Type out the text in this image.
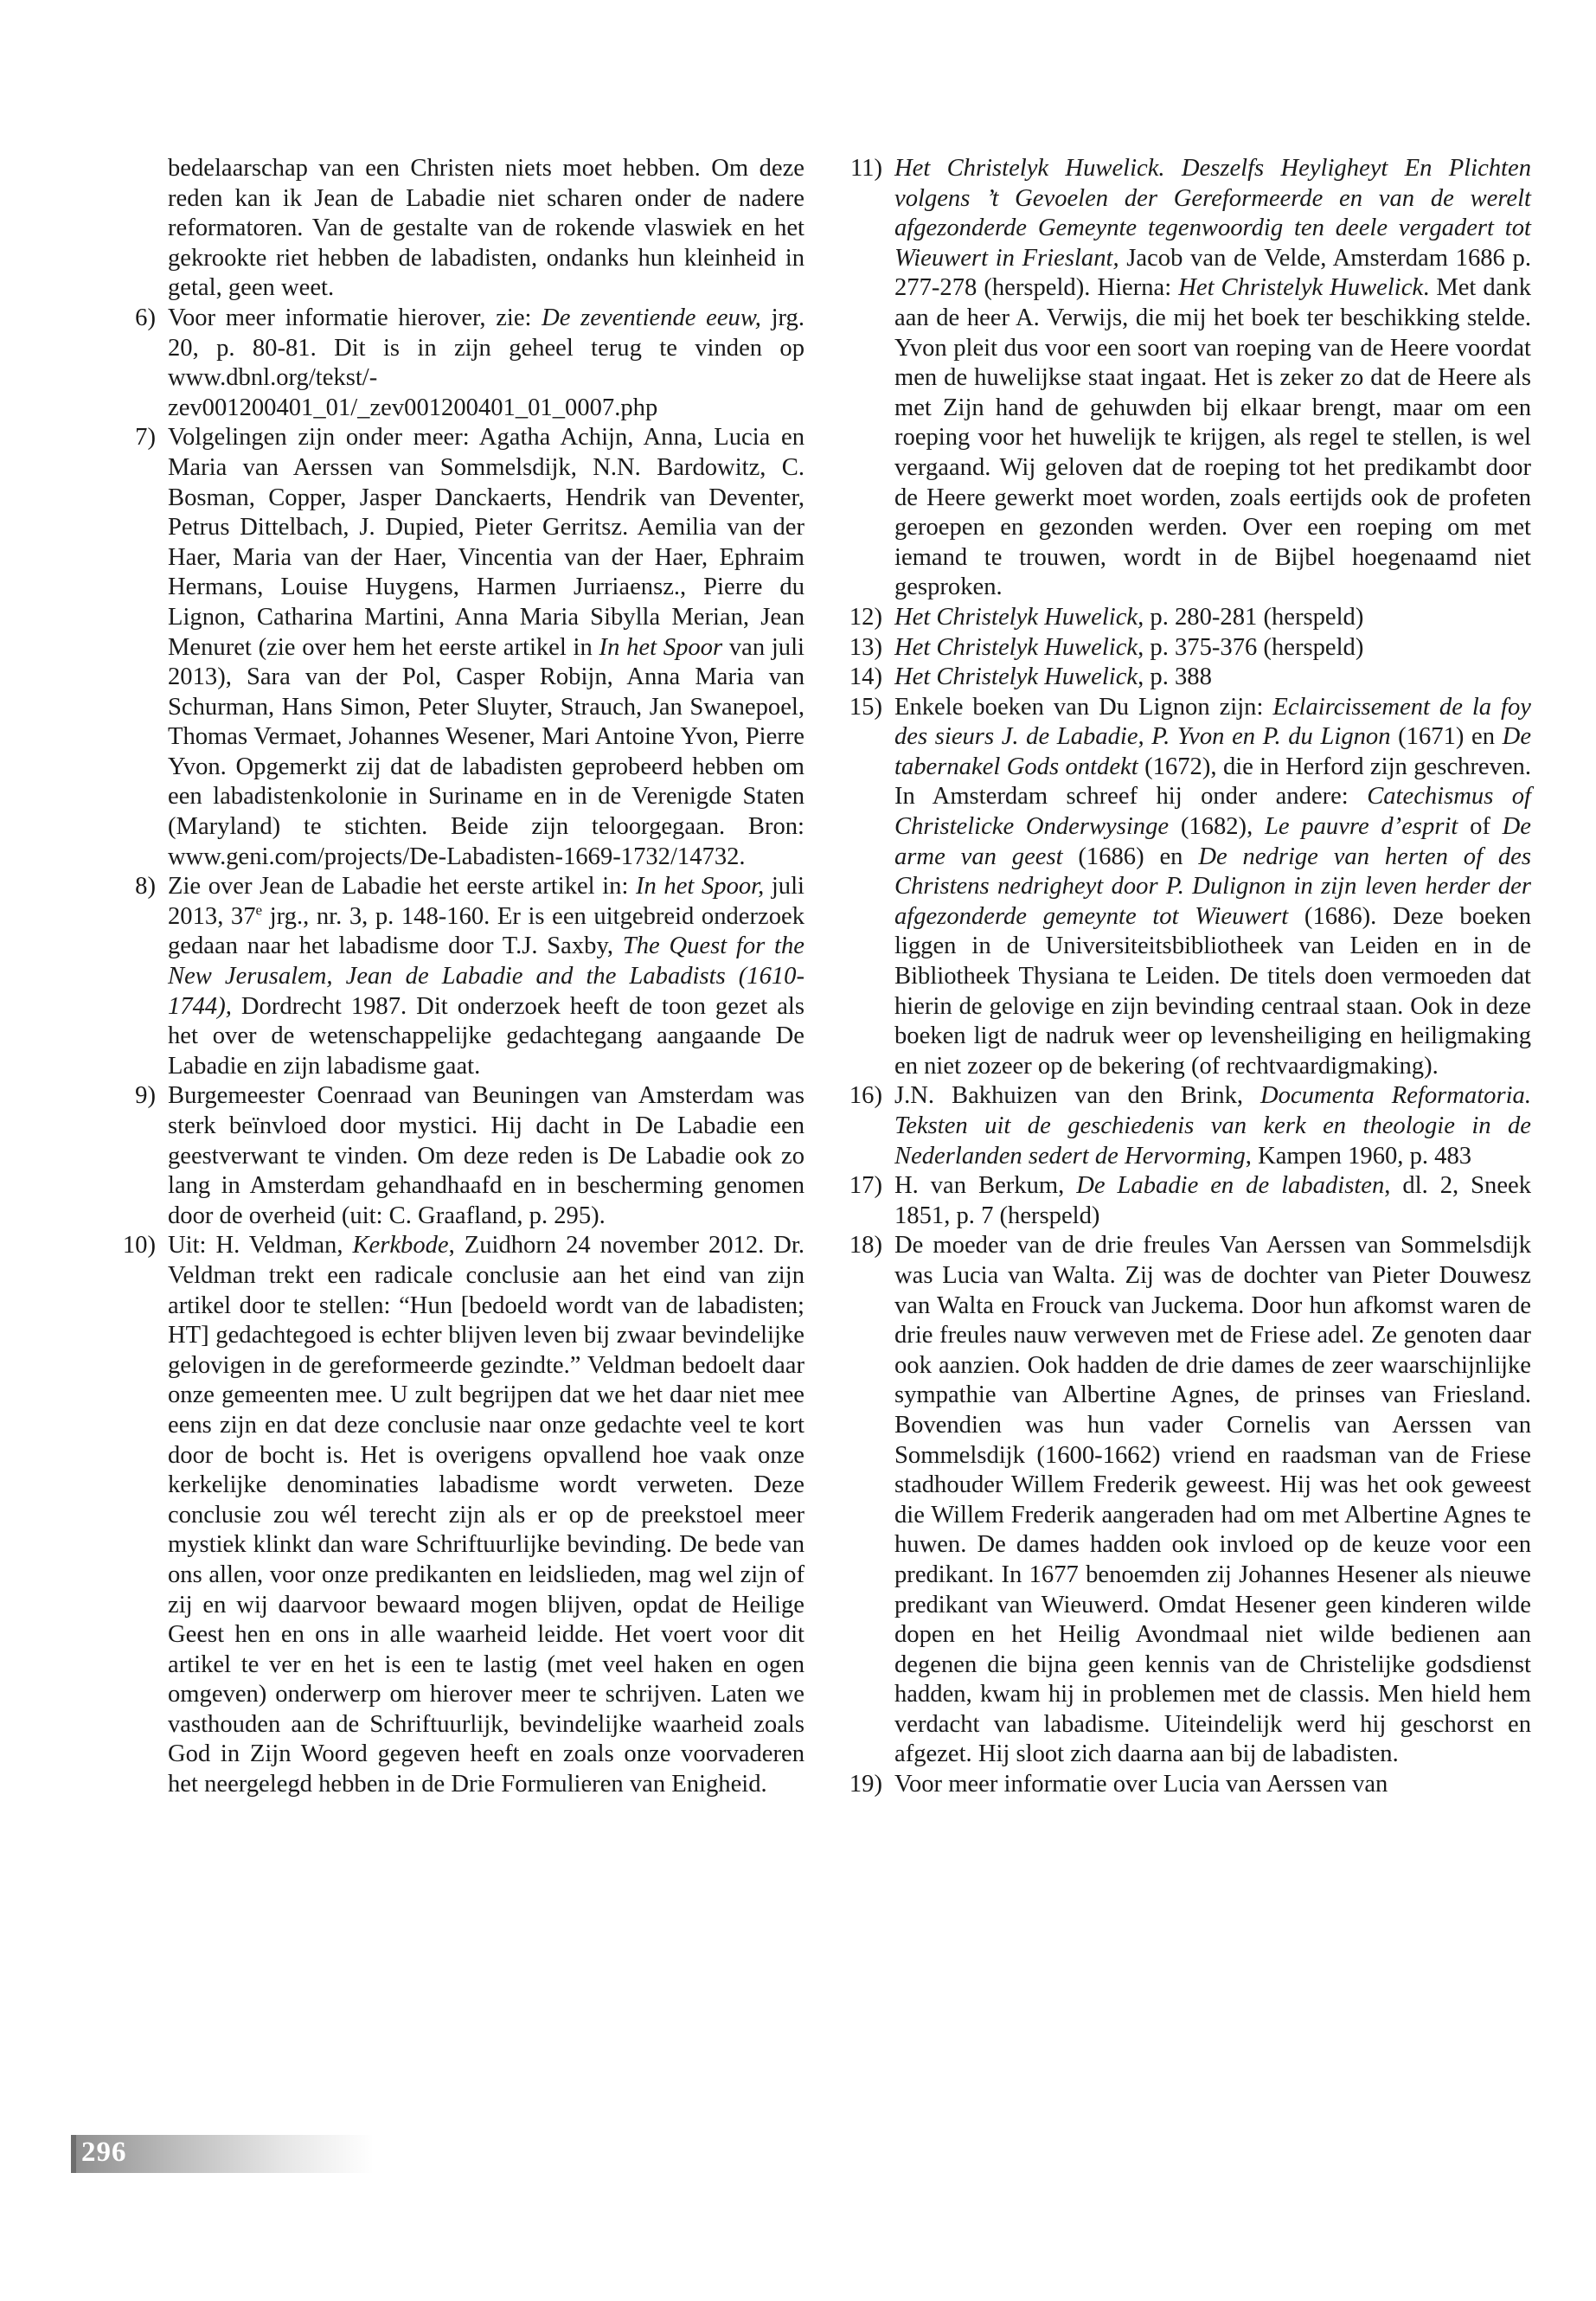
bedelaarschap van een Christen niets moet hebben. Om deze reden kan ik Jean de Labadie niet scharen onder de nadere reformatoren. Van de gestalte van de rokende vlaswiek en het gekrookte riet hebben de labadisten, ondanks hun kleinheid in getal, geen weet.

6) Voor meer informatie hierover, zie: De zeventiende eeuw, jrg. 20, p. 80-81. Dit is in zijn geheel terug te vinden op www.dbnl.org/tekst/-zev001200401_01/_zev001200401_01_0007.php

7) Volgelingen zijn onder meer: Agatha Achijn, Anna, Lucia en Maria van Aerssen van Sommelsdijk, N.N. Bardowitz, C. Bosman, Copper, Jasper Danckaerts, Hendrik van Deventer, Petrus Dittelbach, J. Dupied, Pieter Gerritsz. Aemilia van der Haer, Maria van der Haer, Vincentia van der Haer, Ephraim Hermans, Louise Huygens, Harmen Jurriaensz., Pierre du Lignon, Catharina Martini, Anna Maria Sibylla Merian, Jean Menuret (zie over hem het eerste artikel in In het Spoor van juli 2013), Sara van der Pol, Casper Robijn, Anna Maria van Schurman, Hans Simon, Peter Sluyter, Strauch, Jan Swanepoel, Thomas Vermaet, Johannes Wesener, Mari Antoine Yvon, Pierre Yvon. Opgemerkt zij dat de labadisten geprobeerd hebben om een labadistenkolonie in Suriname en in de Verenigde Staten (Maryland) te stichten. Beide zijn teloorgegaan. Bron: www.geni.com/projects/De-Labadisten-1669-1732/14732.

8) Zie over Jean de Labadie het eerste artikel in: In het Spoor, juli 2013, 37e jrg., nr. 3, p. 148-160. Er is een uitgebreid onderzoek gedaan naar het labadisme door T.J. Saxby, The Quest for the New Jerusalem, Jean de Labadie and the Labadists (1610-1744), Dordrecht 1987. Dit onderzoek heeft de toon gezet als het over de wetenschappelijke gedachtegang aangaande De Labadie en zijn labadisme gaat.

9) Burgemeester Coenraad van Beuningen van Amsterdam was sterk beïnvloed door mystici. Hij dacht in De Labadie een geestverwant te vinden. Om deze reden is De Labadie ook zo lang in Amsterdam gehandhaafd en in bescherming genomen door de overheid (uit: C. Graafland, p. 295).

10) Uit: H. Veldman, Kerkbode, Zuidhorn 24 november 2012. Dr. Veldman trekt een radicale conclusie aan het eind van zijn artikel door te stellen: “Hun [bedoeld wordt van de labadisten; HT] gedachtegoed is echter blijven leven bij zwaar bevindelijke gelovigen in de gereformeerde gezindte.” Veldman bedoelt daar onze gemeenten mee. U zult begrijpen dat we het daar niet mee eens zijn en dat deze conclusie naar onze gedachte veel te kort door de bocht is. Het is overigens opvallend hoe vaak onze kerkelijke denominaties labadisme wordt verweten. Deze conclusie zou wél terecht zijn als er op de preekstoel meer mystiek klinkt dan ware Schriftuurlijke bevinding. De bede van ons allen, voor onze predikanten en leidslieden, mag wel zijn of zij en wij daarvoor bewaard mogen blijven, opdat de Heilige Geest hen en ons in alle waarheid leidde. Het voert voor dit artikel te ver en het is een te lastig (met veel haken en ogen omgeven) onderwerp om hierover meer te schrijven. Laten we vasthouden aan de Schriftuurlijk, bevindelijke waarheid zoals God in Zijn Woord gegeven heeft en zoals onze voorvaderen het neergelegd hebben in de Drie Formulieren van Enigheid.

11) Het Christelyk Huwelick. Deszelfs Heyligheyt En Plichten volgens ’t Gevoelen der Gereformeerde en van de werelt afgezonderde Gemeynte tegenwoordig ten deele vergadert tot Wieuwert in Frieslant, Jacob van de Velde, Amsterdam 1686 p. 277-278 (herspeld). Hierna: Het Christelyk Huwelick. Met dank aan de heer A. Verwijs, die mij het boek ter beschikking stelde. Yvon pleit dus voor een soort van roeping van de Heere voordat men de huwelijkse staat ingaat. Het is zeker zo dat de Heere als met Zijn hand de gehuwden bij elkaar brengt, maar om een roeping voor het huwelijk te krijgen, als regel te stellen, is wel vergaand. Wij geloven dat de roeping tot het predikambt door de Heere gewerkt moet worden, zoals eertijds ook de profeten geroepen en gezonden werden. Over een roeping om met iemand te trouwen, wordt in de Bijbel hoegenaamd niet gesproken.

12) Het Christelyk Huwelick, p. 280-281 (herspeld)

13) Het Christelyk Huwelick, p. 375-376 (herspeld)

14) Het Christelyk Huwelick, p. 388

15) Enkele boeken van Du Lignon zijn: Eclaircissement de la foy des sieurs J. de Labadie, P. Yvon en P. du Lignon (1671) en De tabernakel Gods ontdekt (1672), die in Herford zijn geschreven. In Amsterdam schreef hij onder andere: Catechismus of Christelicke Onderwysinge (1682), Le pauvre d’esprit of De arme van geest (1686) en De nedrige van herten of des Christens nedrigheyt door P. Dulignon in zijn leven herder der afgezonderde gemeynte tot Wieuwert (1686). Deze boeken liggen in de Universiteitsbibliotheek van Leiden en in de Bibliotheek Thysiana te Leiden. De titels doen vermoeden dat hierin de gelovige en zijn bevinding centraal staan. Ook in deze boeken ligt de nadruk weer op levensheiliging en heiligmaking en niet zozeer op de bekering (of rechtvaardigmaking).

16) J.N. Bakhuizen van den Brink, Documenta Reformatoria. Teksten uit de geschiedenis van kerk en theologie in de Nederlanden sedert de Hervorming, Kampen 1960, p. 483

17) H. van Berkum, De Labadie en de labadisten, dl. 2, Sneek 1851, p. 7 (herspeld)

18) De moeder van de drie freules Van Aerssen van Sommelsdijk was Lucia van Walta. Zij was de dochter van Pieter Douwesz van Walta en Frouck van Juckema. Door hun afkomst waren de drie freules nauw verweven met de Friese adel. Ze genoten daar ook aanzien. Ook hadden de drie dames de zeer waarschijnlijke sympathie van Albertine Agnes, de prinses van Friesland. Bovendien was hun vader Cornelis van Aerssen van Sommelsdijk (1600-1662) vriend en raadsman van de Friese stadhouder Willem Frederik geweest. Hij was het ook geweest die Willem Frederik aangeraden had om met Albertine Agnes te huwen. De dames hadden ook invloed op de keuze voor een predikant. In 1677 benoemden zij Johannes Hesener als nieuwe predikant van Wieuwerd. Omdat Hesener geen kinderen wilde dopen en het Heilig Avondmaal niet wilde bedienen aan degenen die bijna geen kennis van de Christelijke godsdienst hadden, kwam hij in problemen met de classis. Men hield hem verdacht van labadisme. Uiteindelijk werd hij geschorst en afgezet. Hij sloot zich daarna aan bij de labadisten.

19) Voor meer informatie over Lucia van Aerssen van

296
